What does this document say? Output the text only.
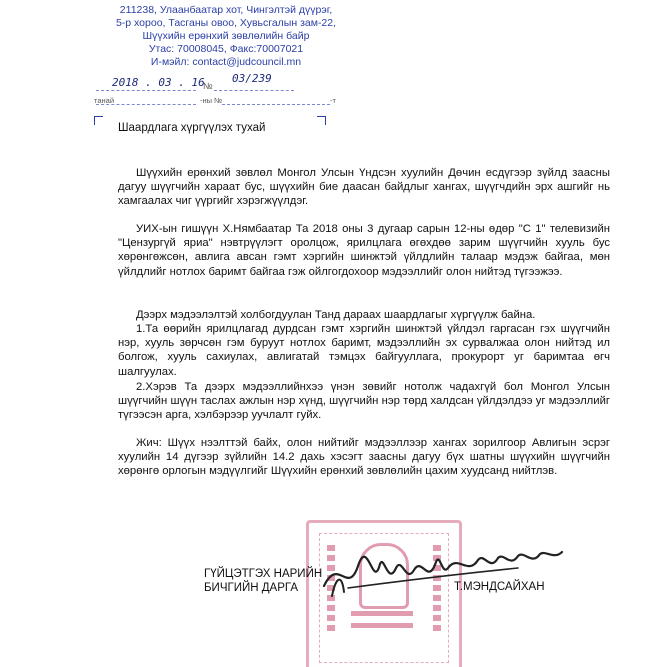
211238, Улаанбаатар хот, Чингэлтэй дүүрэг,
5-р хороо, Тасганы овоо, Хувьсгалын зам-22,
Шүүхийн ерөнхий зөвлөлийн байр
Утас: 70008045, Факс:70007021
И-мэйл: contact@judcouncil.mn
2018 . 03 . 16
№
03/239
танай	-ны №	-т
Шаардлага хүргүүлэх тухай

Шүүхийн ерөнхий зөвлөл Монгол Улсын Үндсэн хуулийн Дөчин есдүгээр зүйлд заасны дагуу шүүгчийн хараат бус, шүүхийн бие даасан байдлыг хангах, шүүгчдийн эрх ашгийг нь хамгаалах чиг үүргийг хэрэгжүүлдэг.

УИХ-ын гишүүн Х.Нямбаатар Та 2018 оны 3 дугаар сарын 12-ны өдөр "С 1" телевизийн "Цензургүй яриа" нэвтрүүлэгт оролцож, ярилцлага өгөхдөө зарим шүүгчийн хууль бус хөрөнгөжсөн, авлига авсан гэмт хэргийн шинжтэй үйлдлийн талаар мэдэж байгаа, мөн үйлдлийг нотлох баримт байгаа гэж ойлгогдохоор мэдээллийг олон нийтэд түгээжээ.

Дээрх мэдээлэлтэй холбогдуулан Танд дараах шаардлагыг хүргүүлж байна.

1.Та өөрийн ярилцлагад дурдсан гэмт хэргийн шинжтэй үйлдэл гаргасан гэх шүүгчийн нэр, хууль зөрчсөн гэм буруут нотлох баримт, мэдээллийн эх сурвалжаа олон нийтэд ил болгож, хууль сахиулах, авлигатай тэмцэх байгууллага, прокурорт уг баримтаа өгч шалгуулах.

2.Хэрэв Та дээрх мэдээллийнхээ үнэн зөвийг нотолж чадахгүй бол Монгол Улсын шүүгчийн шүүн таслах ажлын нэр хүнд, шүүгчийн нэр төрд халдсан үйлдэлдээ уг мэдээллийг түгээсэн арга, хэлбэрээр уучлалт гуйх.

Жич: Шүүх нээлттэй байх, олон нийтийг мэдээллээр хангах зорилгоор Авлигын эсрэг хуулийн 14 дүгээр зүйлийн 14.2 дахь хэсэгт заасны дагуу бүх шатны шүүхийн шүүгчийн хөрөнгө орлогын мэдүүлгийг Шүүхийн ерөнхий зөвлөлийн цахим хуудсанд нийтлэв.

ГҮЙЦЭТГЭХ НАРИЙН
БИЧГИЙН ДАРГА	Т.МЭНДСАЙХАН
